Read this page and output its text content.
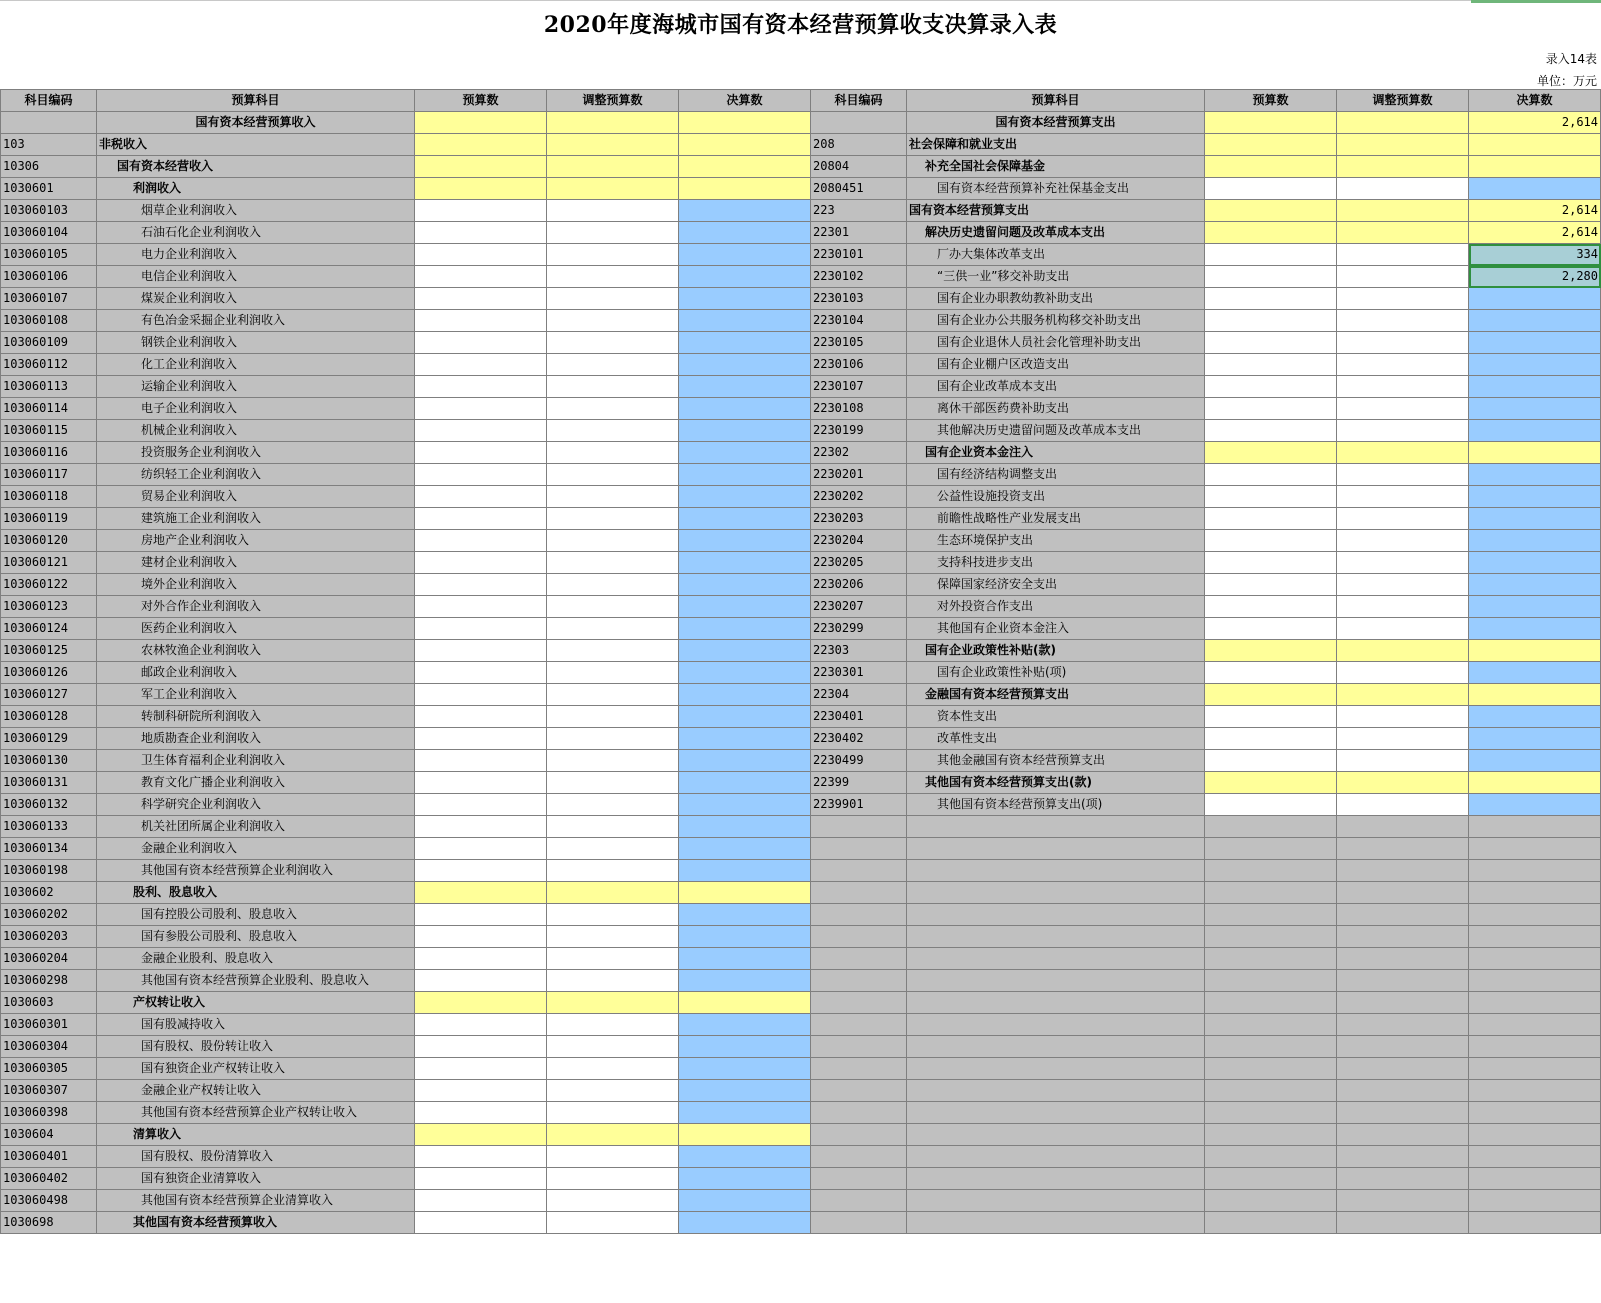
2020年度海城市国有资本经营预算收支决算录入表
录入14表
单位：万元
科目编码	预算科目	预算数	调整预算数	决算数	科目编码	预算科目	预算数	调整预算数	决算数
	国有资本经营预算收入					国有资本经营预算支出			2,614
103	非税收入				208	社会保障和就业支出			
10306	国有资本经营收入				20804	补充全国社会保障基金			
1030601	利润收入				2080451	国有资本经营预算补充社保基金支出			
103060103	烟草企业利润收入				223	国有资本经营预算支出			2,614
103060104	石油石化企业利润收入				22301	解决历史遗留问题及改革成本支出			2,614
103060105	电力企业利润收入				2230101	厂办大集体改革支出			334
103060106	电信企业利润收入				2230102	“三供一业”移交补助支出			2,280
103060107	煤炭企业利润收入				2230103	国有企业办职教幼教补助支出			
103060108	有色冶金采掘企业利润收入				2230104	国有企业办公共服务机构移交补助支出			
103060109	钢铁企业利润收入				2230105	国有企业退休人员社会化管理补助支出			
103060112	化工企业利润收入				2230106	国有企业棚户区改造支出			
103060113	运输企业利润收入				2230107	国有企业改革成本支出			
103060114	电子企业利润收入				2230108	离休干部医药费补助支出			
103060115	机械企业利润收入				2230199	其他解决历史遗留问题及改革成本支出			
103060116	投资服务企业利润收入				22302	国有企业资本金注入			
103060117	纺织轻工企业利润收入				2230201	国有经济结构调整支出			
103060118	贸易企业利润收入				2230202	公益性设施投资支出			
103060119	建筑施工企业利润收入				2230203	前瞻性战略性产业发展支出			
103060120	房地产企业利润收入				2230204	生态环境保护支出			
103060121	建材企业利润收入				2230205	支持科技进步支出			
103060122	境外企业利润收入				2230206	保障国家经济安全支出			
103060123	对外合作企业利润收入				2230207	对外投资合作支出			
103060124	医药企业利润收入				2230299	其他国有企业资本金注入			
103060125	农林牧渔企业利润收入				22303	国有企业政策性补贴(款)			
103060126	邮政企业利润收入				2230301	国有企业政策性补贴(项)			
103060127	军工企业利润收入				22304	金融国有资本经营预算支出			
103060128	转制科研院所利润收入				2230401	资本性支出			
103060129	地质勘查企业利润收入				2230402	改革性支出			
103060130	卫生体育福利企业利润收入				2230499	其他金融国有资本经营预算支出			
103060131	教育文化广播企业利润收入				22399	其他国有资本经营预算支出(款)			
103060132	科学研究企业利润收入				2239901	其他国有资本经营预算支出(项)			
103060133	机关社团所属企业利润收入								
103060134	金融企业利润收入								
103060198	其他国有资本经营预算企业利润收入								
1030602	股利、股息收入								
103060202	国有控股公司股利、股息收入								
103060203	国有参股公司股利、股息收入								
103060204	金融企业股利、股息收入								
103060298	其他国有资本经营预算企业股利、股息收入								
1030603	产权转让收入								
103060301	国有股减持收入								
103060304	国有股权、股份转让收入								
103060305	国有独资企业产权转让收入								
103060307	金融企业产权转让收入								
103060398	其他国有资本经营预算企业产权转让收入								
1030604	清算收入								
103060401	国有股权、股份清算收入								
103060402	国有独资企业清算收入								
103060498	其他国有资本经营预算企业清算收入								
1030698	其他国有资本经营预算收入								
